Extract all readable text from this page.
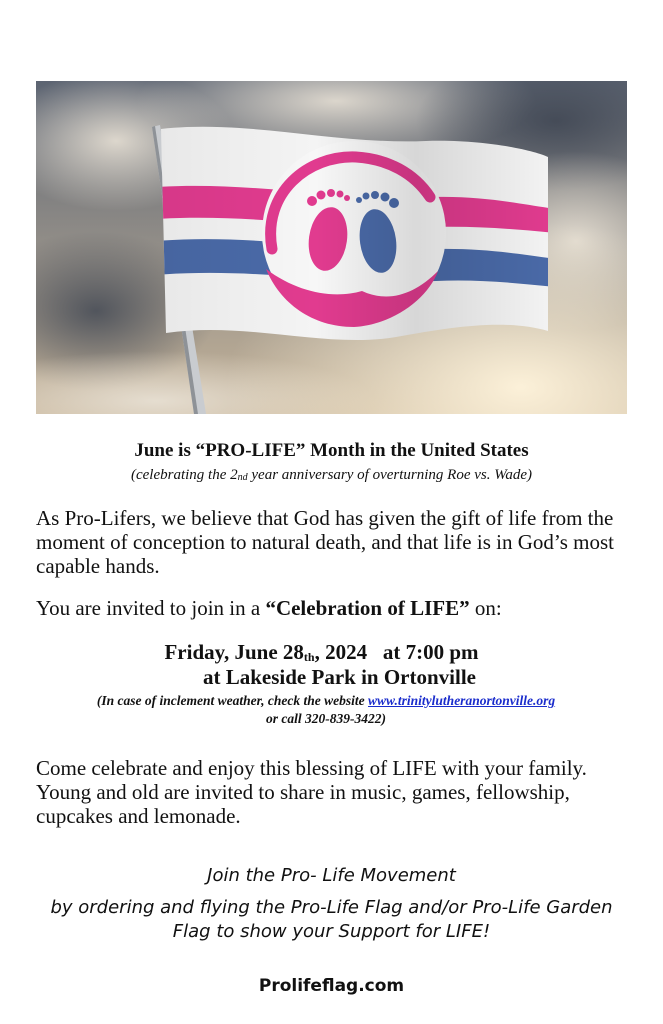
June is “PRO-LIFE” Month in the United States
(celebrating the $2_{nd}$ year anniversary of overturning Roe vs. Wade)
As Pro-Lifers, we believe that God has given the gift of life from the moment of conception to natural death, and that life is in God’s most capable hands.
You are invited to join in a “Celebration of LIFE” on:
Friday, June 28th, 2024   at 7:00 pm
at Lakeside Park in Ortonville
(In case of inclement weather, check the website www.trinitylutheranortonville.org
or call 320-839-3422)
Come celebrate and enjoy this blessing of LIFE with your family. Young and old are invited to share in music, games, fellowship, cupcakes and lemonade.
Join the Pro- Life Movement
by ordering and flying the Pro-Life Flag and/or Pro-Life Garden Flag to show your Support for LIFE!
Prolifeflag.com
